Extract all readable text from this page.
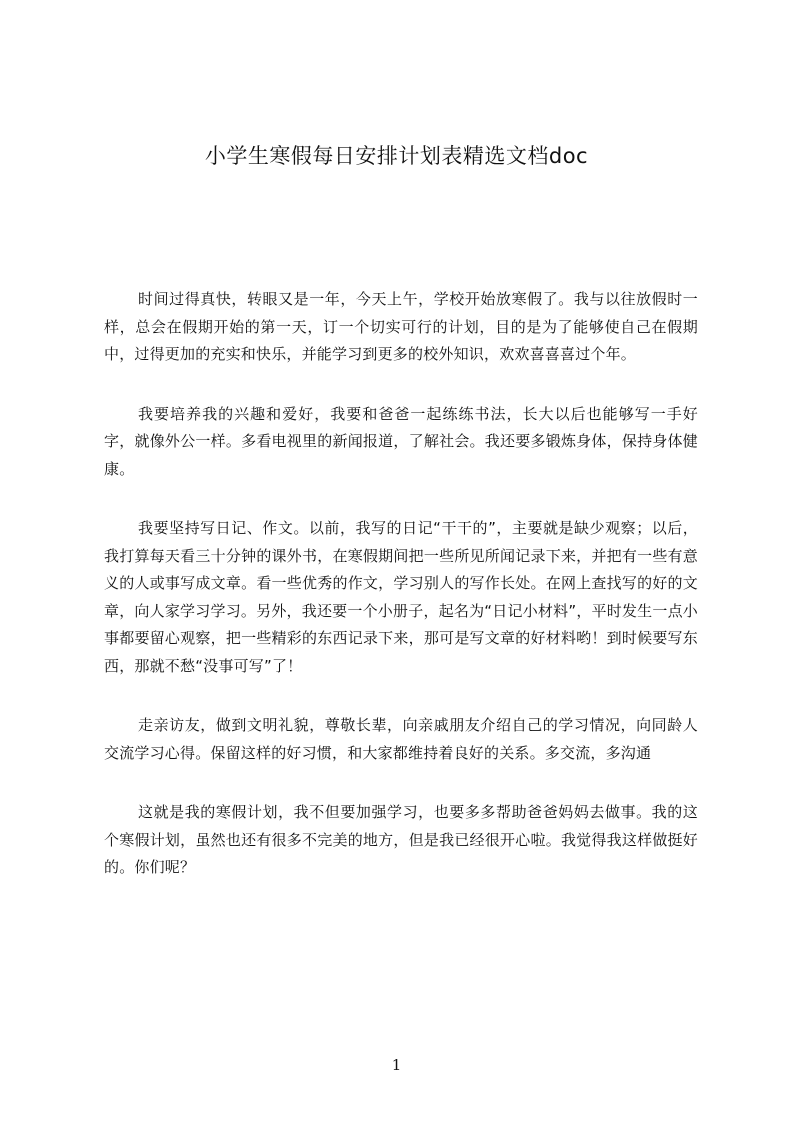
小学生寒假每日安排计划表精选文档doc

时间过得真快，转眼又是一年，今天上午，学校开始放寒假了。我与以往放假时一样，总会在假期开始的第一天，订一个切实可行的计划，目的是为了能够使自己在假期中，过得更加的充实和快乐，并能学习到更多的校外知识，欢欢喜喜喜过个年。

我要培养我的兴趣和爱好，我要和爸爸一起练练书法，长大以后也能够写一手好字，就像外公一样。多看电视里的新闻报道，了解社会。我还要多锻炼身体，保持身体健康。

我要坚持写日记、作文。以前，我写的日记“干干的”，主要就是缺少观察；以后，我打算每天看三十分钟的课外书，在寒假期间把一些所见所闻记录下来，并把有一些有意义的人或事写成文章。看一些优秀的作文，学习别人的写作长处。在网上查找写的好的文章，向人家学习学习。另外，我还要一个小册子，起名为“日记小材料”，平时发生一点小事都要留心观察，把一些精彩的东西记录下来，那可是写文章的好材料哟！到时候要写东西，那就不愁“没事可写”了！

走亲访友，做到文明礼貌，尊敬长辈，向亲戚朋友介绍自己的学习情况，向同龄人交流学习心得。保留这样的好习惯，和大家都维持着良好的关系。多交流，多沟通

这就是我的寒假计划，我不但要加强学习，也要多多帮助爸爸妈妈去做事。我的这个寒假计划，虽然也还有很多不完美的地方，但是我已经很开心啦。我觉得我这样做挺好的。你们呢？

1
